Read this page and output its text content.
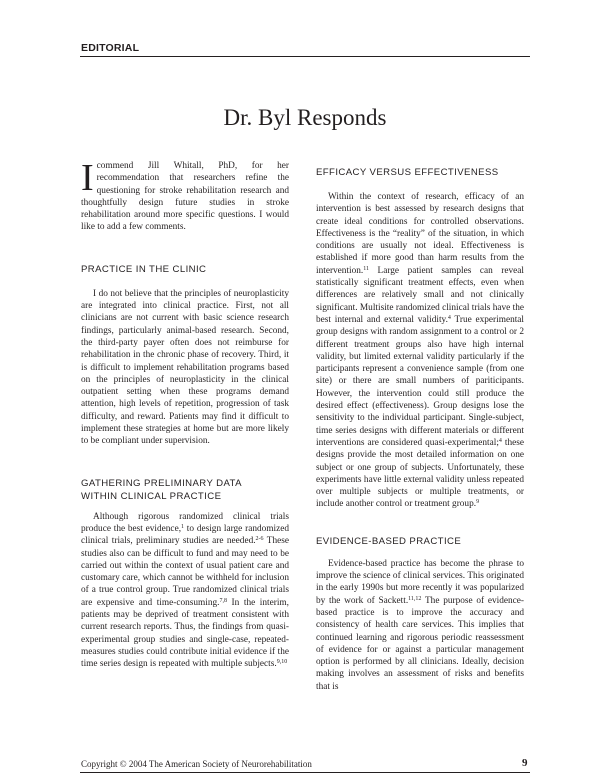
EDITORIAL
Dr. Byl Responds

Icommend Jill Whitall, PhD, for her recommendation that researchers refine the questioning for stroke rehabilitation research and thoughtfully design future studies in stroke rehabilitation around more specific questions. I would like to add a few comments.

PRACTICE IN THE CLINIC

I do not believe that the principles of neuroplasticity are integrated into clinical practice. First, not all clinicians are not current with basic science research findings, particularly animal-based research. Second, the third-party payer often does not reimburse for rehabilitation in the chronic phase of recovery. Third, it is difficult to implement rehabilitation programs based on the principles of neuroplasticity in the clinical outpatient setting when these programs demand attention, high levels of repetition, progression of task difficulty, and reward. Patients may find it difficult to implement these strategies at home but are more likely to be compliant under supervision.

GATHERING PRELIMINARY DATA
WITHIN CLINICAL PRACTICE

Although rigorous randomized clinical trials produce the best evidence,$^1$ to design large randomized clinical trials, preliminary studies are needed.$^{2-6}$ These studies also can be difficult to fund and may need to be carried out within the context of usual patient care and customary care, which cannot be withheld for inclusion of a true control group. True randomized clinical trials are expensive and time-consuming.$^{7,8}$ In the interim, patients may be deprived of treatment consistent with current research reports. Thus, the findings from quasi-experimental group studies and single-case, repeated-measures studies could contribute initial evidence if the time series design is repeated with multiple subjects.$^{9,10}$

EFFICACY VERSUS EFFECTIVENESS

Within the context of research, efficacy of an intervention is best assessed by research designs that create ideal conditions for controlled observations. Effectiveness is the “reality” of the situation, in which conditions are usually not ideal. Effectiveness is established if more good than harm results from the intervention.$^{11}$ Large patient samples can reveal statistically significant treatment effects, even when differences are relatively small and not clinically significant. Multisite randomized clinical trials have the best internal and external validity.$^4$ True experimental group designs with random assignment to a control or 2 different treatment groups also have high internal validity, but limited external validity particularly if the participants represent a convenience sample (from one site) or there are small numbers of pariticipants. However, the intervention could still produce the desired effect (effectiveness). Group designs lose the sensitivity to the individual participant. Single-subject, time series designs with different materials or different interventions are considered quasi-experimental;$^4$ these designs provide the most detailed information on one subject or one group of subjects. Unfortunately, these experiments have little external validity unless repeated over multiple subjects or multiple treatments, or include another control or treatment group.$^9$

EVIDENCE-BASED PRACTICE

Evidence-based practice has become the phrase to improve the science of clinical services. This originated in the early 1990s but more recently it was popularized by the work of Sackett.$^{11,12}$ The purpose of evidence-based practice is to improve the accuracy and consistency of health care services. This implies that continued learning and rigorous periodic reassessment of evidence for or against a particular management option is performed by all clinicians. Ideally, decision making involves an assessment of risks and benefits that is

Copyright © 2004 The American Society of Neurorehabilitation	9
